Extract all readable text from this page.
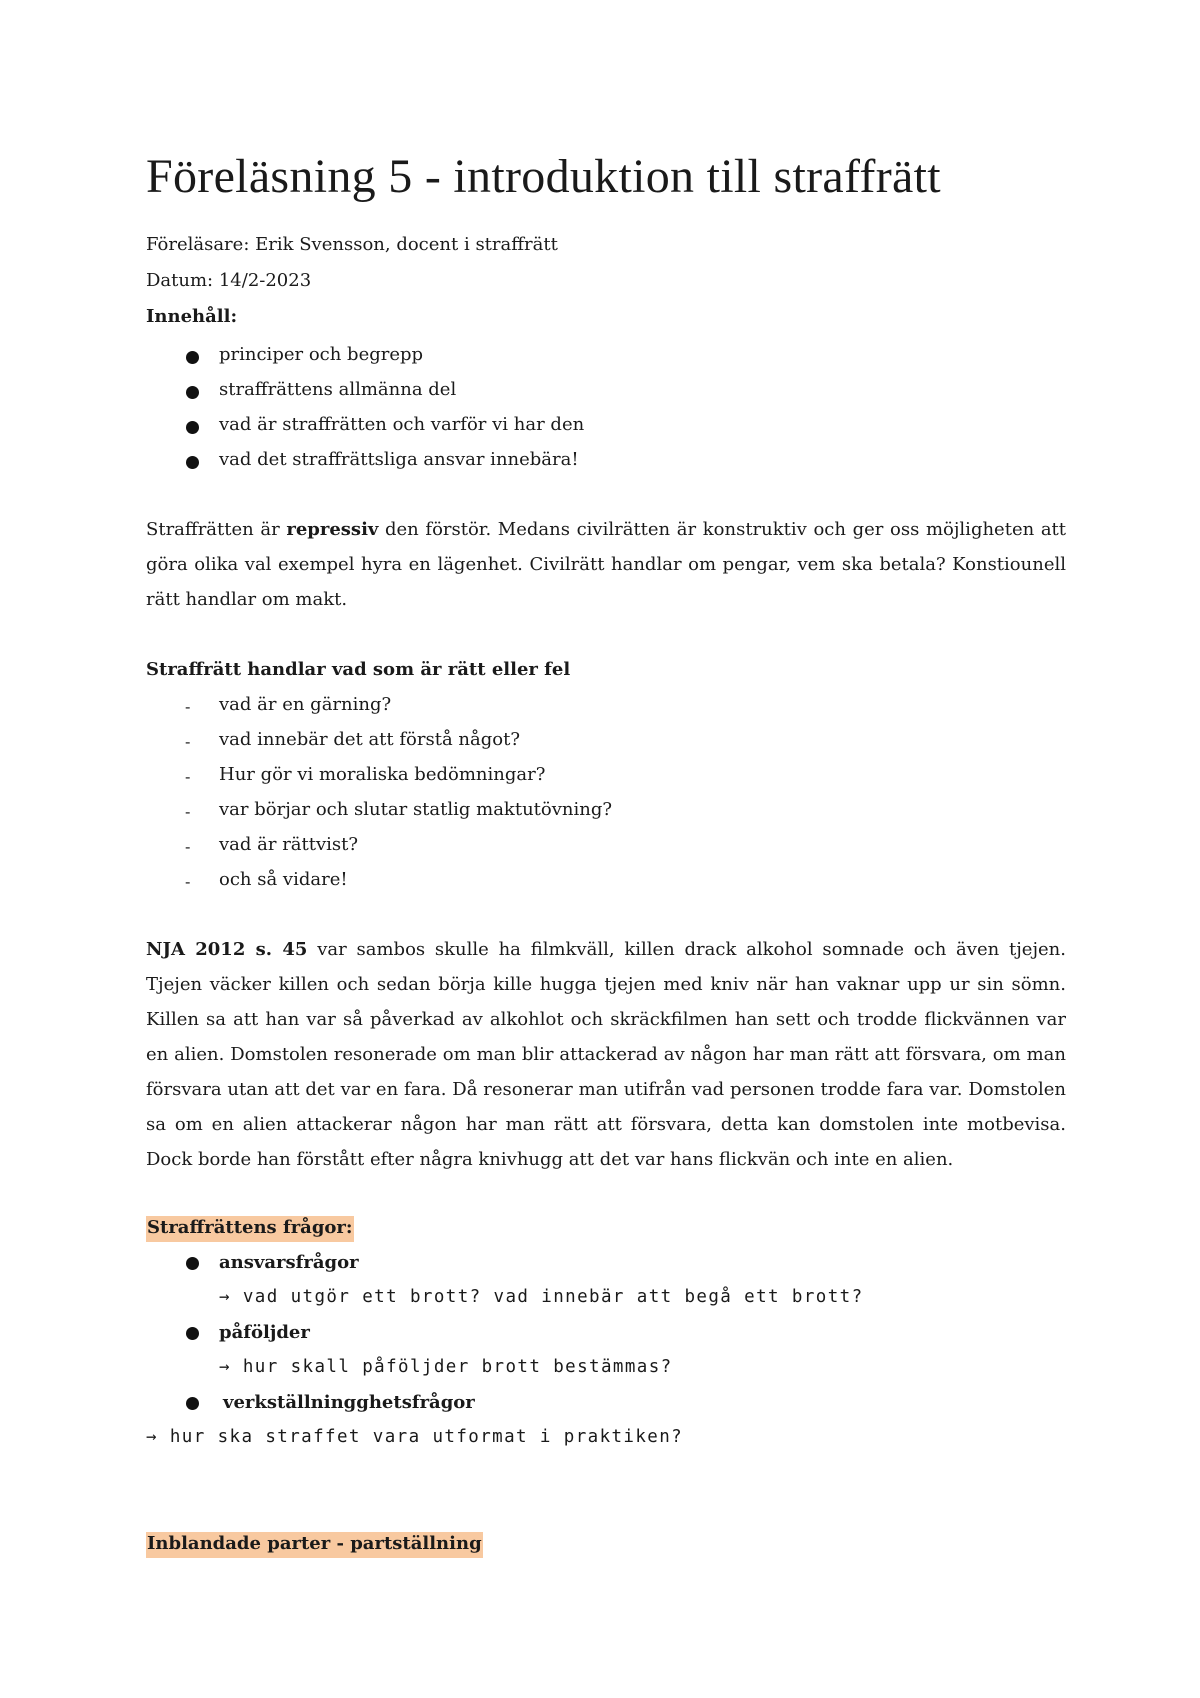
Föreläsning 5 - introduktion till straffrätt
Föreläsare: Erik Svensson, docent i straffrätt
Datum: 14/2-2023
Innehåll:
principer och begrepp
straffrättens allmänna del
vad är straffrätten och varför vi har den
vad det straffrättsliga ansvar innebära!

Straffrätten är repressiv den förstör. Medans civilrätten är konstruktiv och ger oss möjligheten att göra olika val exempel hyra en lägenhet. Civilrätt handlar om pengar, vem ska betala? Konstiounell rätt handlar om makt.

Straffrätt handlar vad som är rätt eller fel
- vad är en gärning?
- vad innebär det att förstå något?
- Hur gör vi moraliska bedömningar?
- var börjar och slutar statlig maktutövning?
- vad är rättvist?
- och så vidare!

NJA 2012 s. 45 var sambos skulle ha filmkväll, killen drack alkohol somnade och även tjejen. Tjejen väcker killen och sedan börja kille hugga tjejen med kniv när han vaknar upp ur sin sömn. Killen sa att han var så påverkad av alkohlot och skräckfilmen han sett och trodde flickvännen var en alien. Domstolen resonerade om man blir attackerad av någon har man rätt att försvara, om man försvara utan att det var en fara. Då resonerar man utifrån vad personen trodde fara var. Domstolen sa om en alien attackerar någon har man rätt att försvara, detta kan domstolen inte motbevisa. Dock borde han förstått efter några knivhugg att det var hans flickvän och inte en alien.

Straffrättens frågor:
ansvarsfrågor
→ vad utgör ett brott? vad innebär att begå ett brott?
påföljder
→ hur skall påföljder brott bestämmas?
verkställningghetsfrågor
→ hur ska straffet vara utformat i praktiken?
Inblandade parter - partställning
